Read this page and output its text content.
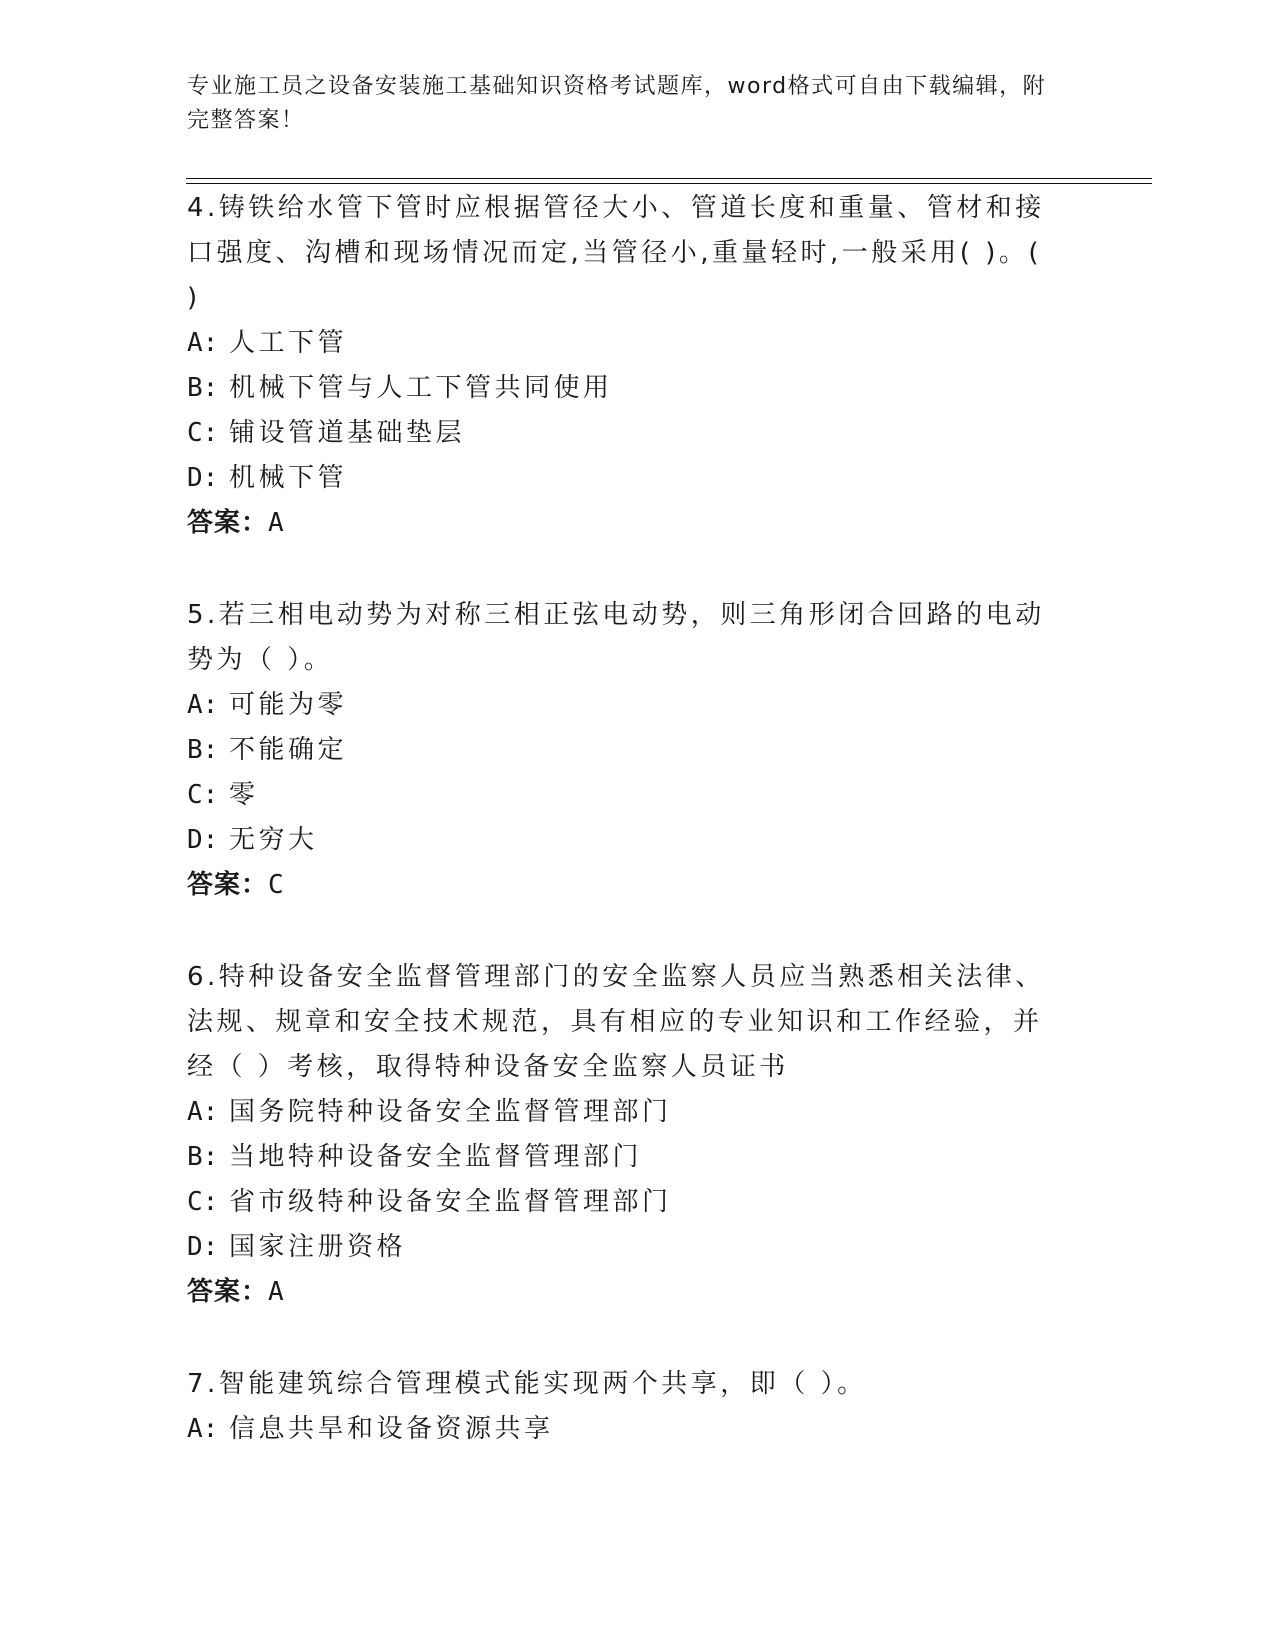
专业施工员之设备安装施工基础知识资格考试题库，word格式可自由下载编辑，附完整答案！
4.铸铁给水管下管时应根据管径大小、管道长度和重量、管材和接口强度、沟槽和现场情况而定,当管径小,重量轻时,一般采用( )。( )
A: 人工下管
B: 机械下管与人工下管共同使用
C: 铺设管道基础垫层
D: 机械下管
答案：A
5.若三相电动势为对称三相正弦电动势，则三角形闭合回路的电动势为（ ）。
A: 可能为零
B: 不能确定
C: 零
D: 无穷大
答案：C
6.特种设备安全监督管理部门的安全监察人员应当熟悉相关法律、法规、规章和安全技术规范，具有相应的专业知识和工作经验，并经（ ）考核，取得特种设备安全监察人员证书
A: 国务院特种设备安全监督管理部门
B: 当地特种设备安全监督管理部门
C: 省市级特种设备安全监督管理部门
D: 国家注册资格
答案：A
7.智能建筑综合管理模式能实现两个共享，即（ ）。
A: 信息共旱和设备资源共享
